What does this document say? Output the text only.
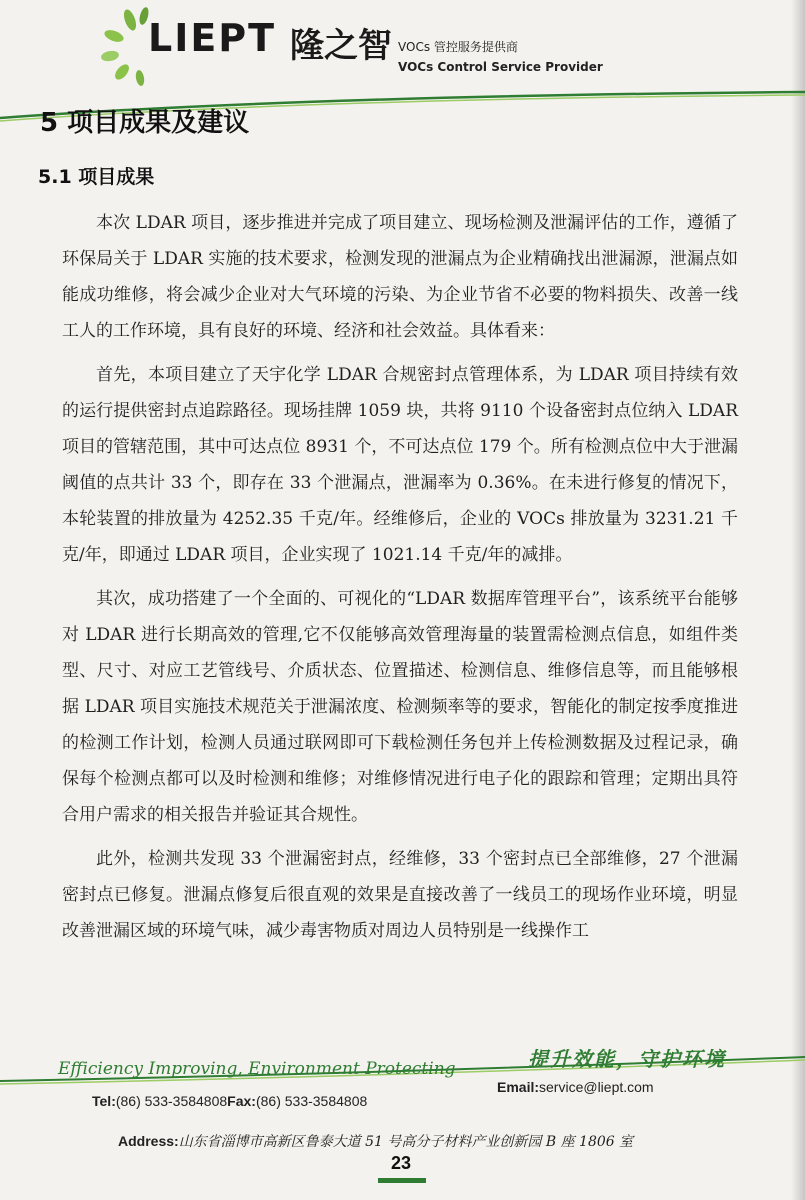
LIEPT 隆之智 VOCs 管控服务提供商
VOCs Control Service Provider
5 项目成果及建议
5.1 项目成果

本次 LDAR 项目，逐步推进并完成了项目建立、现场检测及泄漏评估的工作，遵循了环保局关于 LDAR 实施的技术要求，检测发现的泄漏点为企业精确找出泄漏源，泄漏点如能成功维修，将会减少企业对大气环境的污染、为企业节省不必要的物料损失、改善一线工人的工作环境，具有良好的环境、经济和社会效益。具体看来：

首先，本项目建立了天宇化学 LDAR 合规密封点管理体系，为 LDAR 项目持续有效的运行提供密封点追踪路径。现场挂牌 1059 块，共将 9110 个设备密封点位纳入 LDAR 项目的管辖范围，其中可达点位 8931 个，不可达点位 179 个。所有检测点位中大于泄漏阈值的点共计 33 个，即存在 33 个泄漏点，泄漏率为 0.36%。在未进行修复的情况下，本轮装置的排放量为 4252.35 千克/年。经维修后，企业的 VOCs 排放量为 3231.21 千克/年，即通过 LDAR 项目，企业实现了 1021.14 千克/年的减排。

其次，成功搭建了一个全面的、可视化的“LDAR 数据库管理平台”，该系统平台能够对 LDAR 进行长期高效的管理,它不仅能够高效管理海量的装置需检测点信息，如组件类型、尺寸、对应工艺管线号、介质状态、位置描述、检测信息、维修信息等，而且能够根据 LDAR 项目实施技术规范关于泄漏浓度、检测频率等的要求，智能化的制定按季度推进的检测工作计划，检测人员通过联网即可下载检测任务包并上传检测数据及过程记录，确保每个检测点都可以及时检测和维修；对维修情况进行电子化的跟踪和管理；定期出具符合用户需求的相关报告并验证其合规性。

此外，检测共发现 33 个泄漏密封点，经维修，33 个密封点已全部维修，27 个泄漏密封点已修复。泄漏点修复后很直观的效果是直接改善了一线员工的现场作业环境，明显改善泄漏区域的环境气味，减少毒害物质对周边人员特别是一线操作工

提升效能，守护环境
Efficiency Improving, Environment Protecting
Email:service@liept.com
Tel:(86) 533-3584808Fax:(86) 533-3584808
Address:山东省淄博市高新区鲁泰大道 51 号高分子材料产业创新园 B 座 1806 室
23
